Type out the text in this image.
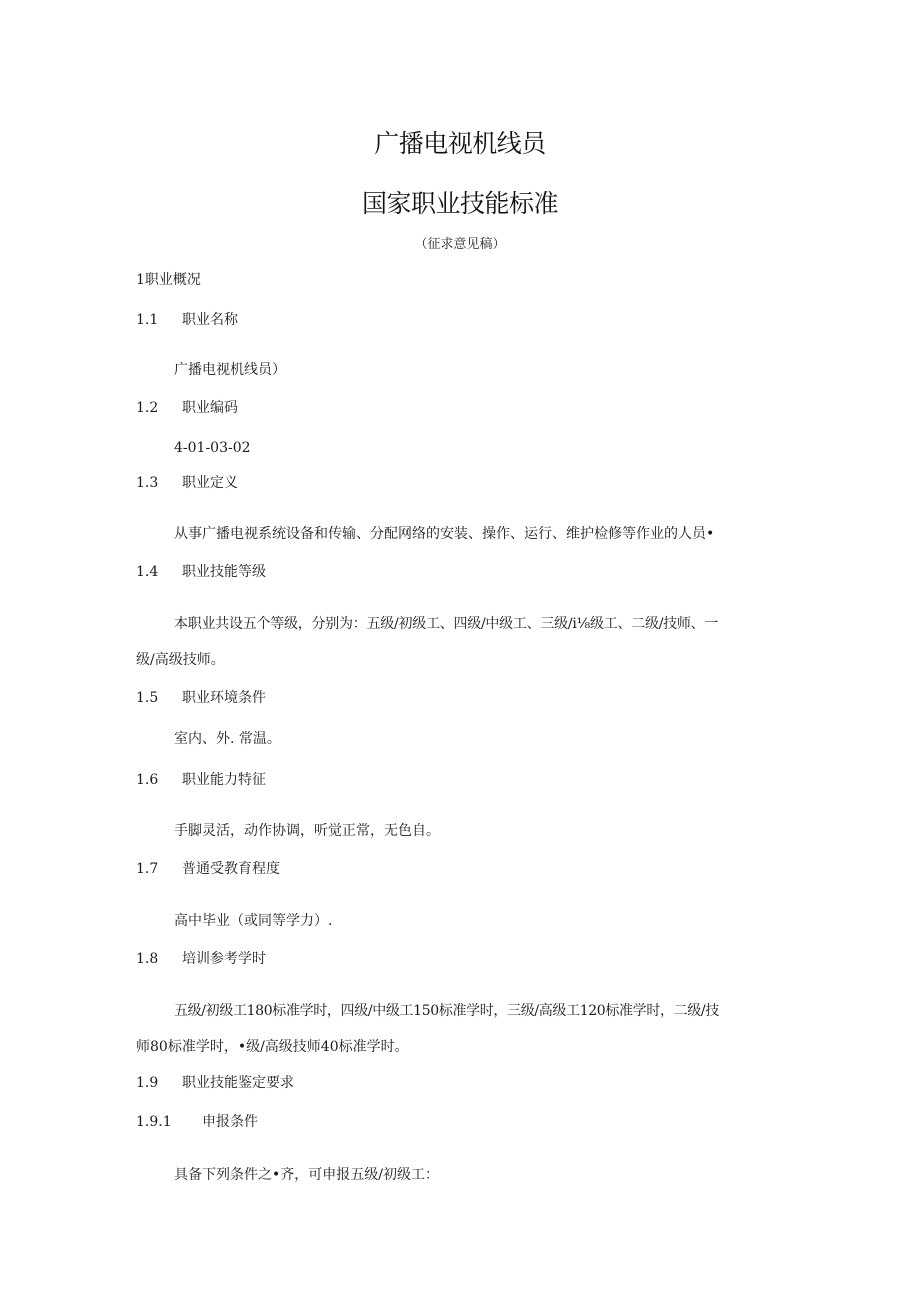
广播电视机线员
国家职业技能标准
（征求意见稿）
1职业概况
1.1 职业名称
广播电视机线员）
1.2 职业编码
4-01-03-02
1.3 职业定义
从事广播电视系统设备和传输、分配网络的安装、操作、运行、维护检修等作业的人员•
1.4 职业技能等级
本职业共设五个等级，分别为：五级/初级工、四级/中级工、三级/i⅛级工、二级/技师、一
级/高级技师。
1.5 职业环境条件
室内、外. 常温。
1.6 职业能力特征
手脚灵活，动作协调，听觉正常，无色自。
1.7 普通受教育程度
高中毕业（或同等学力）.
1.8 培训参考学时
五级/初级工180标准学时，四级/中级工150标准学时，三级/高级工120标准学时，二级/技
师80标准学时，•级/高级技师40标准学时。
1.9 职业技能鉴定要求
1.9.1 申报条件
具备下列条件之•齐，可申报五级/初级工：
